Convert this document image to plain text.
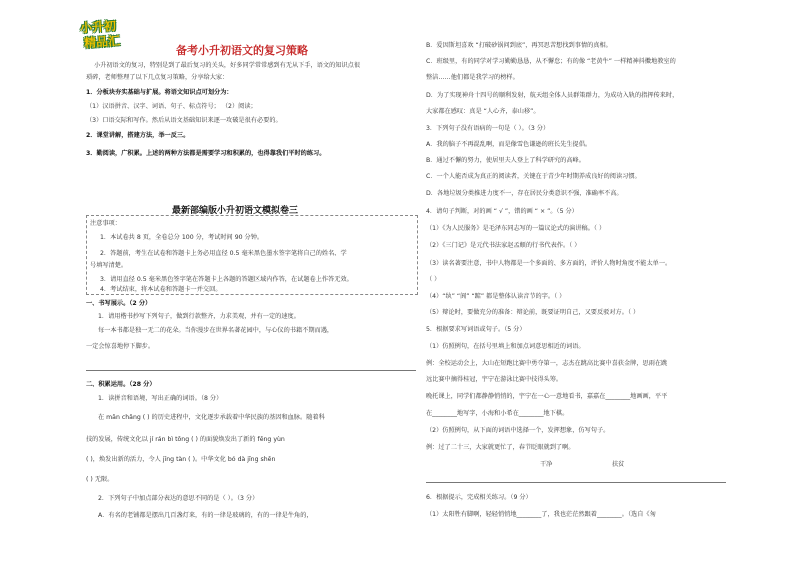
小升初
精品汇
备考小升初语文的复习策略
小升初语文的复习，特别是到了最后复习的关头，好多同学常常感到有无从下手，语文的知识点很
琐碎，老师整理了以下几点复习策略，分享给大家：
1．分板块夯实基础与扩展。将语文知识点可划分为：
（1）汉语拼音、汉字、词语、句子、标点符号； （2）阅读；
（3）口语交际和写作。然后从语文基础知识来逐一攻破是很有必要的。
2．课堂讲解，搭建方法，举一反三。
3．勤阅读，广积累。上述的两种方法都是需要学习和积累的，也得靠我们平时的练习。
最新部编版小升初语文模拟卷三
注意事项：
1．本试卷共 8 页，全卷总分 100 分，考试时间 90 分钟。
2．答题前，考生在试卷和答题卡上务必用直径 0.5 毫米黑色墨水签字笔将自己的姓名、学
号填写清楚。
3．请用直径 0.5 毫米黑色签字笔在答题卡上各题的答题区域内作答，在试题卷上作答无效。
4．考试结束，将本试卷和答题卡一并交回。
一、书写展示。（2 分）
1．请用楷书抄写下列句子，做到行款整齐，力求美观，并有一定的速度。
每一本书都是独一无二的花朵。当你漫步在世界名著花园中，与心仪的书籍不期而遇，
一定会惊喜地停下脚步。
二、积累运用。（28 分）
1．读拼音和语境，写出正确的词语。（8 分）
在 mān chǎng ( ) 的历史进程中，文化逐步承载着中华民族的基因和血脉。随着科
技的发展，传统文化以 jí rán bì tōng ( ) 的面貌焕发出了新的 fēng yùn
( )，焕发出新的活力，令人 jīng tàn ( )。中华文化 bó dà jīng shēn
( ) 无限。
2．下列句子中加点部分表达的意思不同的是（ ）。（3 分）
A．有名的老铺都是摆出几百盏灯来，有的一律是玻璃的，有的一律是牛角的，
B．爱因斯坦喜欢 “打破砂锅问到底”，再冥思苦想找到事情的真相。
C．班级里，有的同学对学习勤勤恳恳，从不懈怠；有的像 “老黄牛” 一样精神抖擞地教室的
整洁……他们都是我学习的榜样。
D．为了实现神舟十四号的顺利发射，航天组全体人员群策群力，为成功入轨的指挥传来时，
大家都在感叹：真是 “人心齐，泰山移”。
3．下列句子没有语病的一句是（ ）。（3 分）
A．我的脑子不再混乱啊，而是像雪色谦逊的班长先生提倡。
B．通过不懈的努力，使居里夫人登上了科学研究的高峰。
C．一个人能否成为真正的阅读者，关键在于青少年时期养成良好的阅读习惯。
D．各地垃圾分类推进力度不一，存在居民分类意识不强，准确率不高。
4．请句子判断，对的画 “ √ ”，错的画 “ × ”。（5 分）
（1）《为人民服务》是毛泽东同志写的一篇议论式的演讲稿。（ ）
（2）《三门记》是元代书法家赵孟頫的行书代表作。（ ）
（3）读名著要注意，书中人物都是一个多面的、多方面的，评价人物时角度不能太单一。
（ ）
（4）“纨” “阆” “踮” 都是整体认读音节的字。（ ）
（5）辩论时，要做充分的准备：辩论前，既要证明自己，又要反驳对方。（ ）
5．根据要求写词语或句子。（5 分）
（1）仿照例句，在括号里填上和加点词意思相近的词语。
例：全校运动会上，大山在短跑比赛中勇夺第一，志杰在跳高比赛中喜获金牌，思雨在跳
远比赛中摘得桂冠，宇宁在游泳比赛中技得头筹。
晚托课上，同学们都静静悄悄的，宇宁在一心一意地看书，嘉嘉在________地画画，平平
在________地写字，小海和小希在________地下棋。
（2）仿照例句，从下面的词语中选择一个，发挥想象，仿写句子。
例：过了二十三，大家就更忙了，春节眨眼就到了啊。
干净	扶贫
6．根据提示，完成相关练习。（9 分）
（1）太阳牲有脚啊，轻轻悄悄地________了，我也茫茫然跟着________。（选自《匆
